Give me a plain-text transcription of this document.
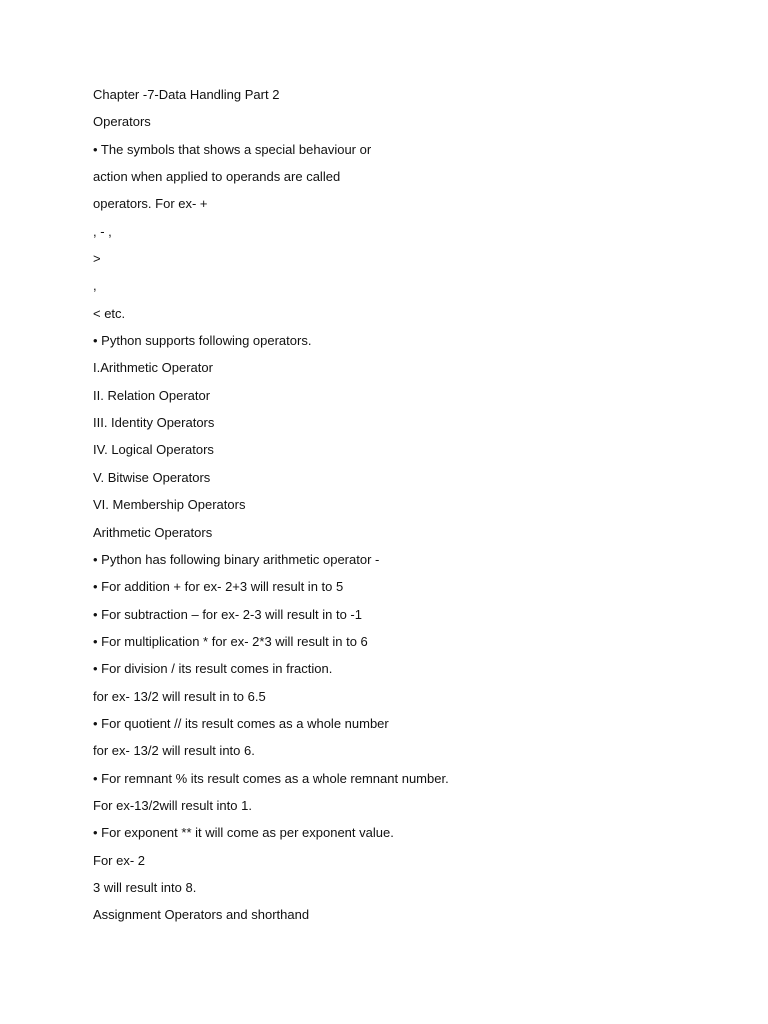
Chapter -7-Data Handling Part 2
Operators
• The symbols that shows a special behaviour or
action when applied to operands are called
operators. For ex- +
, - ,
>
,
< etc.
• Python supports following operators.
I.Arithmetic Operator
II. Relation Operator
III. Identity Operators
IV. Logical Operators
V. Bitwise Operators
VI. Membership Operators
Arithmetic Operators
• Python has following binary arithmetic operator -
• For addition + for ex- 2+3 will result in to 5
• For subtraction – for ex- 2-3 will result in to -1
• For multiplication * for ex- 2*3 will result in to 6
• For division / its result comes in fraction.
for ex- 13/2 will result in to 6.5
• For quotient // its result comes as a whole number
for ex- 13/2 will result into 6.
• For remnant % its result comes as a whole remnant number.
For ex-13/2will result into 1.
• For exponent ** it will come as per exponent value.
For ex- 2
3 will result into 8.
Assignment Operators and shorthand
